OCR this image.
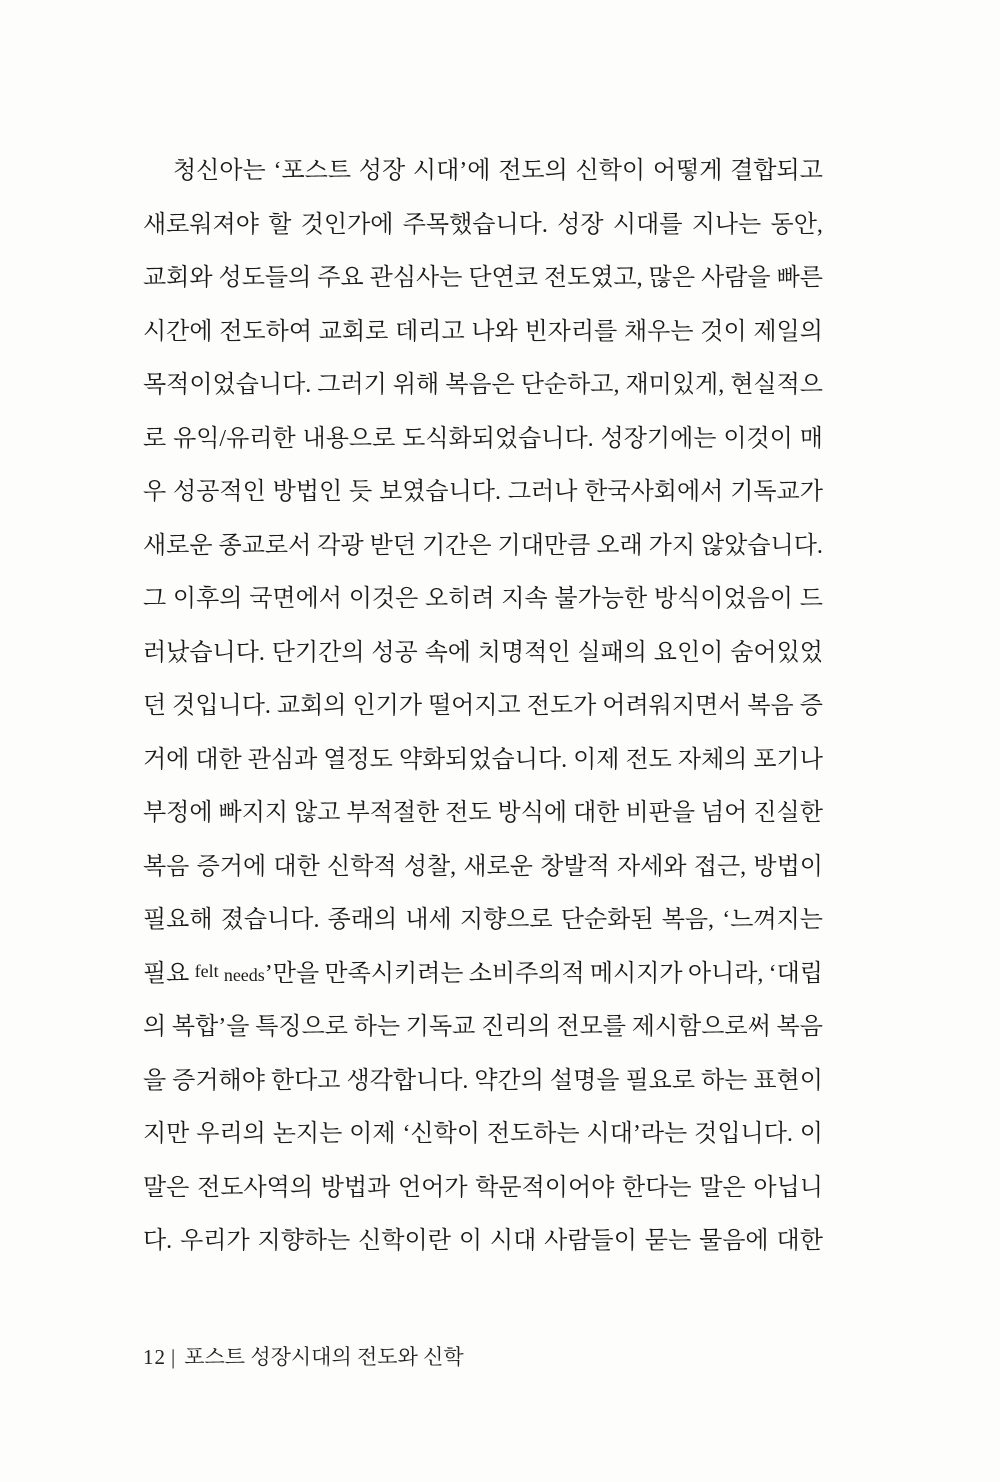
청신아는 ‘포스트 성장 시대’에 전도의 신학이 어떻게 결합되고
새로워져야 할 것인가에 주목했습니다. 성장 시대를 지나는 동안,
교회와 성도들의 주요 관심사는 단연코 전도였고, 많은 사람을 빠른
시간에 전도하여 교회로 데리고 나와 빈자리를 채우는 것이 제일의
목적이었습니다. 그러기 위해 복음은 단순하고, 재미있게, 현실적으
로 유익/유리한 내용으로 도식화되었습니다. 성장기에는 이것이 매
우 성공적인 방법인 듯 보였습니다. 그러나 한국사회에서 기독교가
새로운 종교로서 각광 받던 기간은 기대만큼 오래 가지 않았습니다.
그 이후의 국면에서 이것은 오히려 지속 불가능한 방식이었음이 드
러났습니다. 단기간의 성공 속에 치명적인 실패의 요인이 숨어있었
던 것입니다. 교회의 인기가 떨어지고 전도가 어려워지면서 복음 증
거에 대한 관심과 열정도 약화되었습니다. 이제 전도 자체의 포기나
부정에 빠지지 않고 부적절한 전도 방식에 대한 비판을 넘어 진실한
복음 증거에 대한 신학적 성찰, 새로운 창발적 자세와 접근, 방법이
필요해 졌습니다. 종래의 내세 지향으로 단순화된 복음, ‘느껴지는
필요 felt needs’만을 만족시키려는 소비주의적 메시지가 아니라, ‘대립
의 복합’을 특징으로 하는 기독교 진리의 전모를 제시함으로써 복음
을 증거해야 한다고 생각합니다. 약간의 설명을 필요로 하는 표현이
지만 우리의 논지는 이제 ‘신학이 전도하는 시대’라는 것입니다. 이
말은 전도사역의 방법과 언어가 학문적이어야 한다는 말은 아닙니
다. 우리가 지향하는 신학이란 이 시대 사람들이 묻는 물음에 대한
12 | 포스트 성장시대의 전도와 신학
